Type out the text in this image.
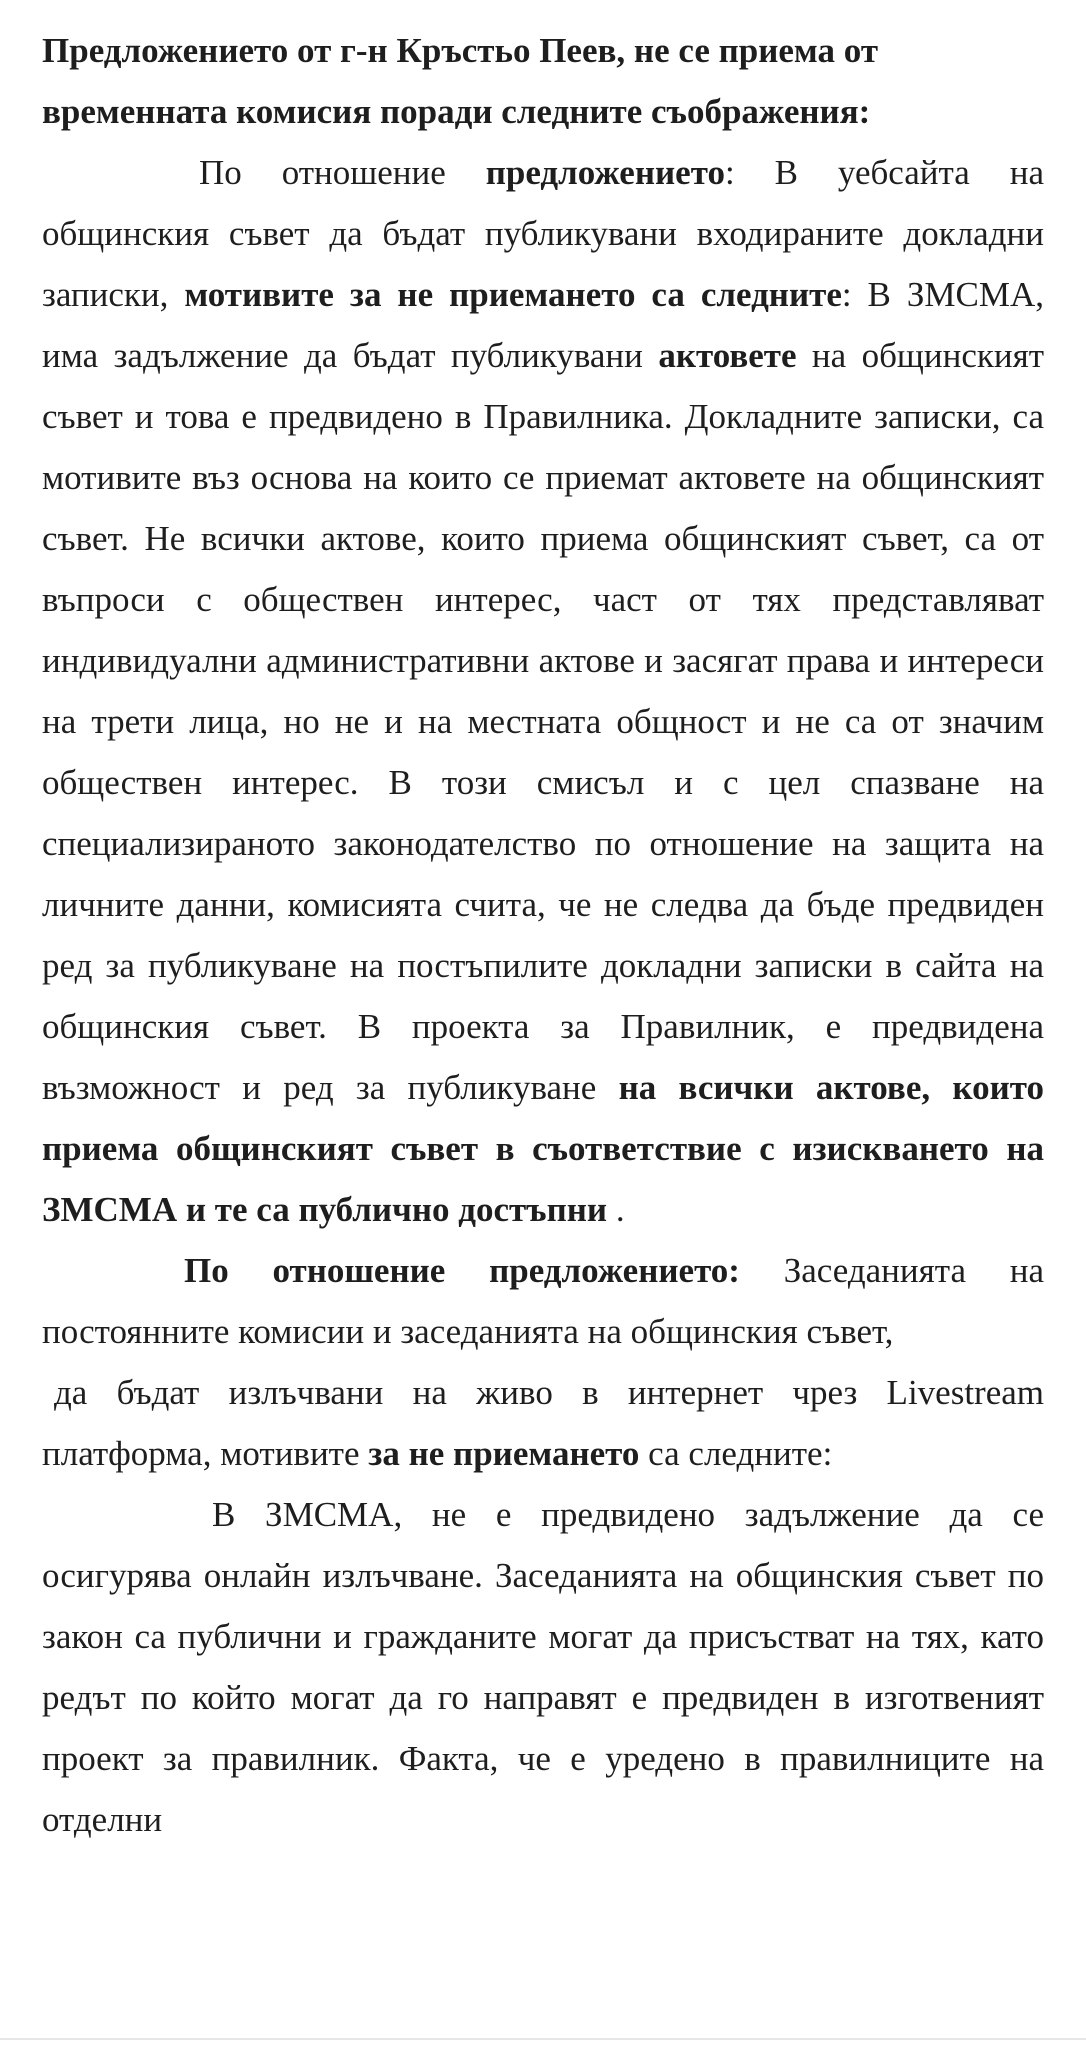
Предложението от г-н Кръстьо Пеев, не се приема от
временната комисия поради следните съображения:

По отношение предложението: В уебсайта на общинския съвет да бъдат публикувани входираните докладни записки, мотивите за не приемането са следните: В ЗМСМА, има задължение да бъдат публикувани актовете на общинският съвет и това е предвидено в Правилника. Докладните записки, са мотивите въз основа на които се приемат актовете на общинският съвет. Не всички актове, които приема общинският съвет, са от въпроси с обществен интерес, част от тях представляват индивидуални административни актове и засягат права и интереси на трети лица, но не и на местната общност и не са от значим обществен интерес. В този смисъл и с цел спазване на специализираното законодателство по отношение на защита на личните данни, комисията счита, че не следва да бъде предвиден ред за публикуване на постъпилите докладни записки в сайта на общинския съвет. В проекта за Правилник, е предвидена възможност и ред за публикуване на всички актове, които приема общинският съвет в съответствие с изискването на ЗМСМА и те са публично достъпни .

По отношение предложението: Заседанията на постоянните комисии и заседанията на общинския съвет,
да бъдат излъчвани на живо в интернет чрез Livestream платформа, мотивите за не приемането са следните:

В ЗМСМА, не е предвидено задължение да се осигурява онлайн излъчване. Заседанията на общинския съвет по закон са публични и гражданите могат да присъстват на тях, като редът по който могат да го направят е предвиден в изготвеният проект за правилник. Факта, че е уредено в правилниците на отделни
